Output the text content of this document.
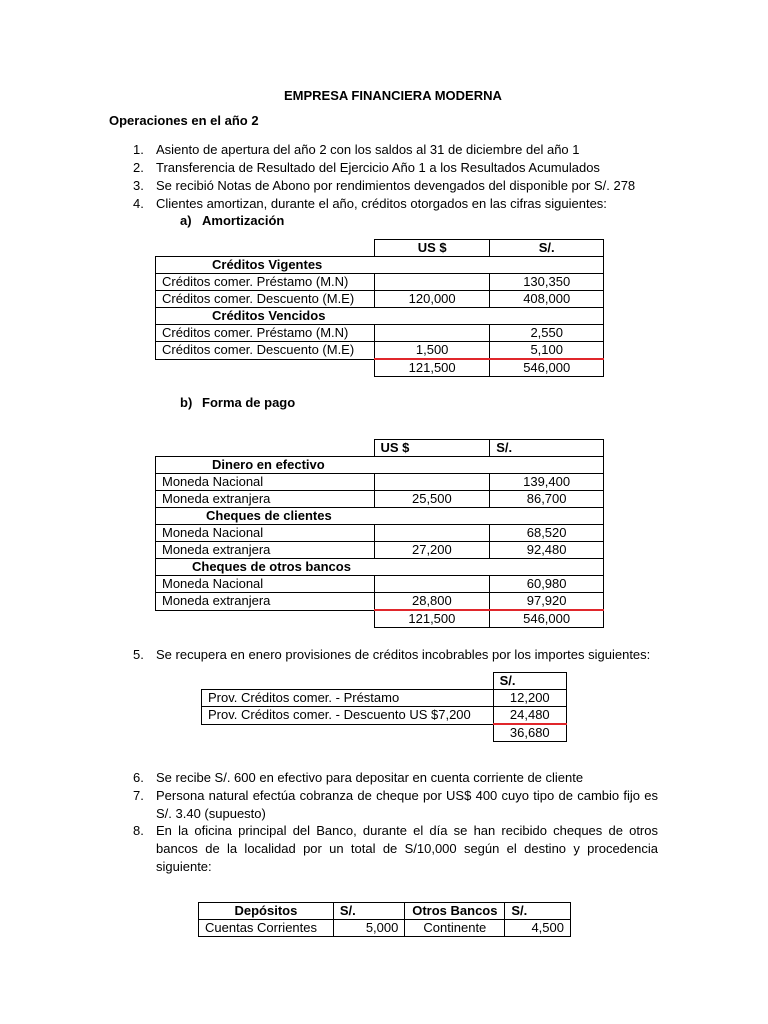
EMPRESA FINANCIERA MODERNA
Operaciones en el año 2
1. Asiento de apertura del año 2 con los saldos al 31 de diciembre del año 1
2. Transferencia de Resultado del Ejercicio Año 1 a los Resultados Acumulados
3. Se recibió Notas de Abono por rendimientos devengados del disponible por S/. 278
4. Clientes amortizan, durante el año, créditos otorgados en las cifras siguientes:
a) Amortización
	US $	S/.
Créditos Vigentes		
Créditos comer. Préstamo (M.N)		130,350
Créditos comer. Descuento (M.E)	120,000	408,000
Créditos Vencidos		
Créditos comer. Préstamo (M.N)		2,550
Créditos comer. Descuento (M.E)	1,500	5,100
	121,500	546,000
b) Forma de pago
	US $	S/.
Dinero en efectivo		
Moneda Nacional		139,400
Moneda extranjera	25,500	86,700
Cheques de clientes		
Moneda Nacional		68,520
Moneda extranjera	27,200	92,480
Cheques de otros bancos		
Moneda Nacional		60,980
Moneda extranjera	28,800	97,920
	121,500	546,000
5. Se recupera en enero provisiones de créditos incobrables por los importes siguientes:
	S/.
Prov. Créditos comer. - Préstamo	12,200
Prov. Créditos comer. - Descuento US $7,200	24,480
	36,680
6. Se recibe S/. 600 en efectivo para depositar en cuenta corriente de cliente
7. Persona natural efectúa cobranza de cheque por US$ 400 cuyo tipo de cambio fijo es S/. 3.40 (supuesto)

8. En la oficina principal del Banco, durante el día se han recibido cheques de otros bancos de la localidad por un total de S/10,000 según el destino y procedencia siguiente:

Depósitos	S/.	Otros Bancos	S/.
Cuentas Corrientes	5,000	Continente	4,500
